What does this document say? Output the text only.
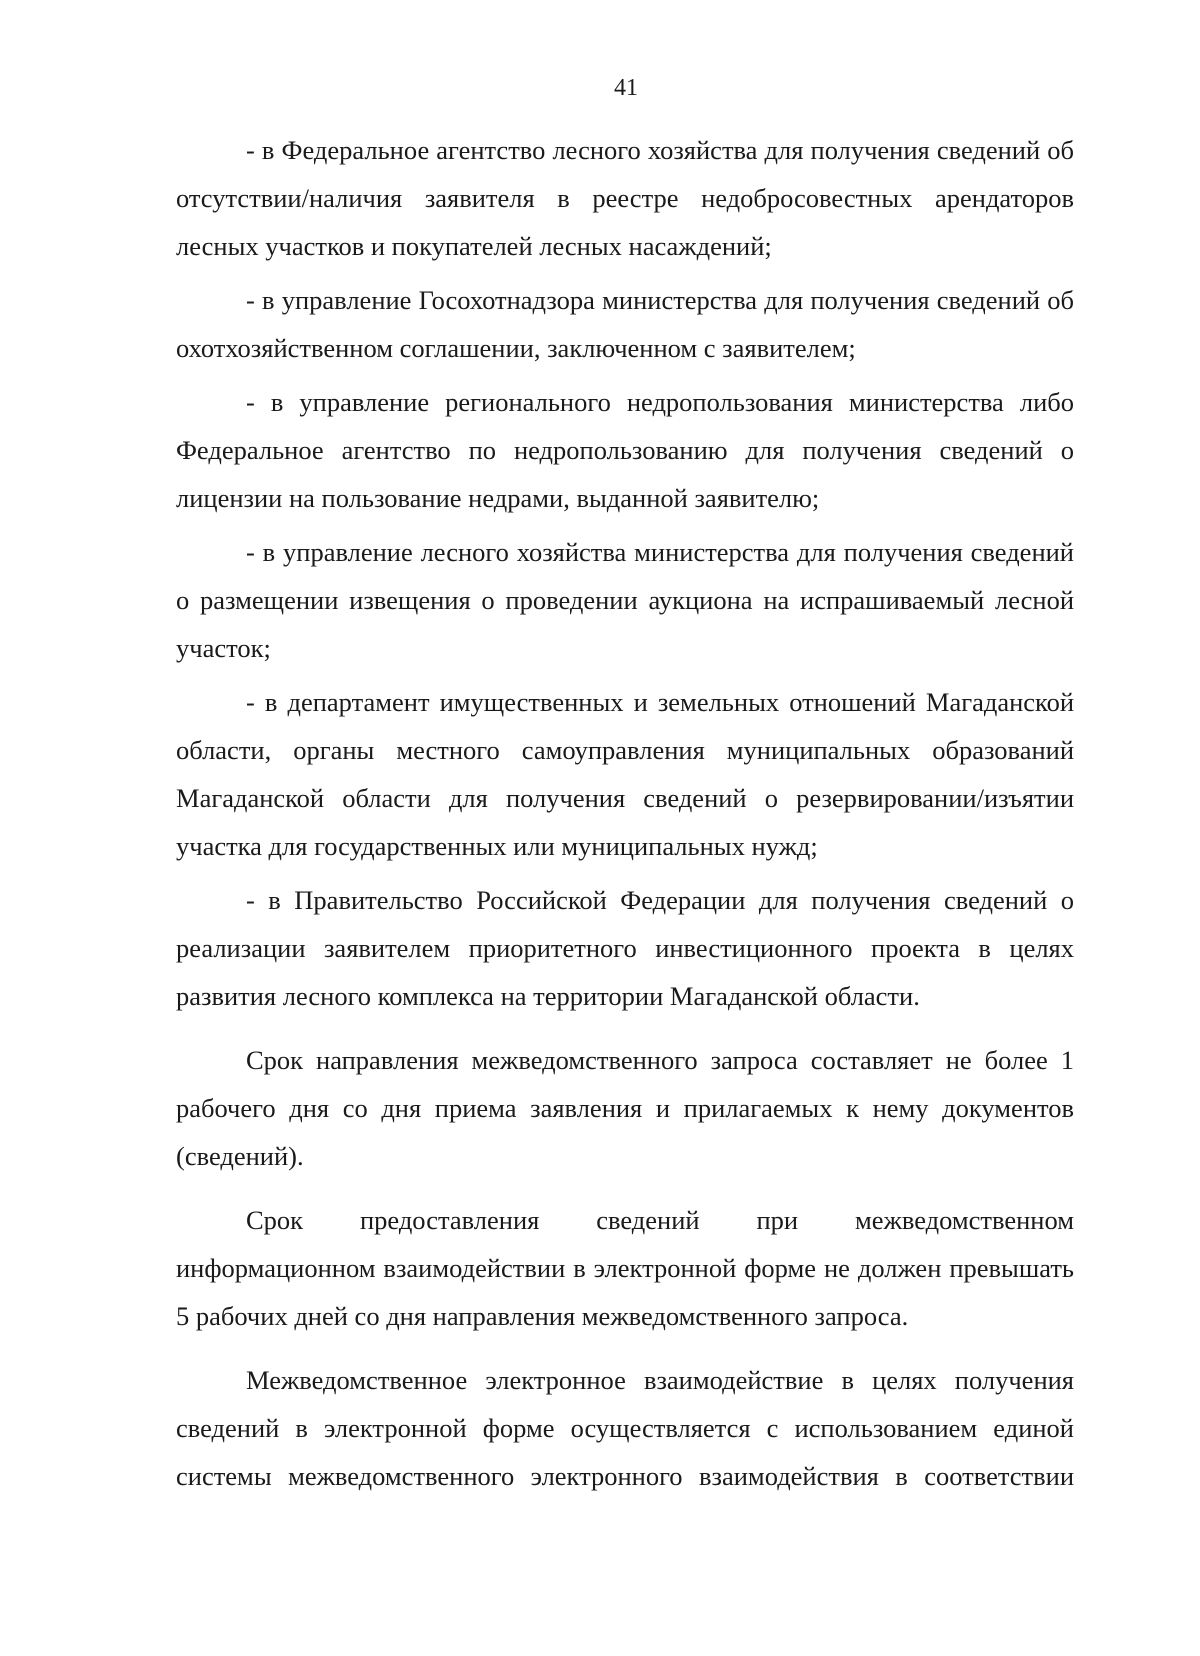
41

- в Федеральное агентство лесного хозяйства для получения сведений об отсутствии/наличия заявителя в реестре недобросовестных арендаторов лесных участков и покупателей лесных насаждений;

- в управление Госохотнадзора министерства для получения сведений об охотхозяйственном соглашении, заключенном с заявителем;

- в управление регионального недропользования министерства либо Федеральное агентство по недропользованию для получения сведений о лицензии на пользование недрами, выданной заявителю;

- в управление лесного хозяйства министерства для получения сведений о размещении извещения о проведении аукциона на испрашиваемый лесной участок;

- в департамент имущественных и земельных отношений Магаданской области, органы местного самоуправления муниципальных образований Магаданской области для получения сведений о резервировании/изъятии участка для государственных или муниципальных нужд;

- в Правительство Российской Федерации для получения сведений о реализации заявителем приоритетного инвестиционного проекта в целях развития лесного комплекса на территории Магаданской области.

Срок направления межведомственного запроса составляет не более 1 рабочего дня со дня приема заявления и прилагаемых к нему документов (сведений).

Срок предоставления сведений при межведомственном информационном взаимодействии в электронной форме не должен превышать 5 рабочих дней со дня направления межведомственного запроса.

Межведомственное электронное взаимодействие в целях получения сведений в электронной форме осуществляется с использованием единой системы межведомственного электронного взаимодействия в соответствии
